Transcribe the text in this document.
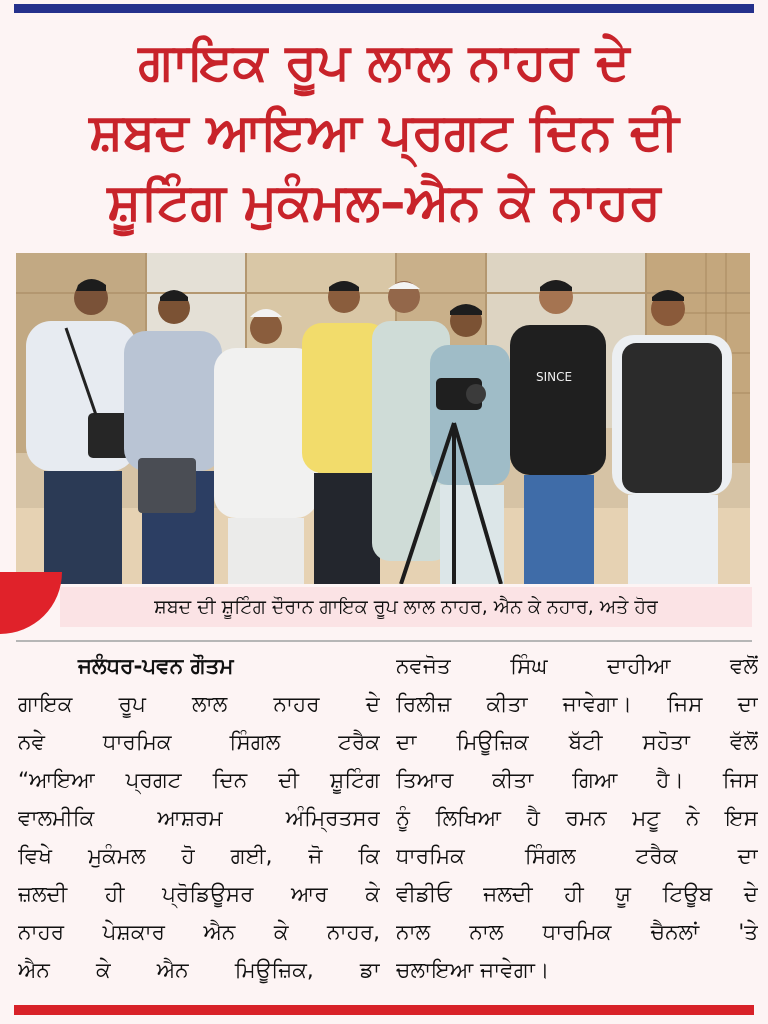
ਗਾਇਕ ਰੂਪ ਲਾਲ ਨਾਹਰ ਦੇ
ਸ਼ਬਦ ਆਇਆ ਪ੍ਰਗਟ ਦਿਨ ਦੀ
ਸ਼ੂਟਿੰਗ ਮੁਕੰਮਲ–ਐਨ ਕੇ ਨਾਹਰ
SINCE
ਸ਼ਬਦ ਦੀ ਸ਼ੂਟਿੰਗ ਦੌਰਾਨ ਗਾਇਕ ਰੂਪ ਲਾਲ ਨਾਹਰ, ਐਨ ਕੇ ਨਹਾਰ, ਅਤੇ ਹੋਰ
ਜਲੰਧਰ-ਪਵਨ ਗੌਤਮ
ਗਾਇਕ ਰੂਪ ਲਾਲ ਨਾਹਰ ਦੇ
ਨਵੇ ਧਾਰਮਿਕ ਸਿੰਗਲ ਟਰੈਕ
“ਆਇਆ ਪ੍ਰਗਟ ਦਿਨ ਦੀ ਸ਼ੂਟਿੰਗ
ਵਾਲਮੀਕਿ ਆਸ਼ਰਮ ਅੰਮ੍ਰਿਤਸਰ
ਵਿਖੇ ਮੁਕੰਮਲ ਹੋ ਗਈ, ਜੋ ਕਿ
ਜ਼ਲਦੀ ਹੀ ਪ੍ਰੋਡਿਊਸਰ ਆਰ ਕੇ
ਨਾਹਰ ਪੇਸ਼ਕਾਰ ਐਨ ਕੇ ਨਾਹਰ,
ਐਨ ਕੇ ਐਨ ਮਿਊਜ਼ਿਕ, ਡਾ
ਨਵਜੋਤ ਸਿੰਘ ਦਾਹੀਆ ਵਲੋਂ
ਰਿਲੀਜ਼ ਕੀਤਾ ਜਾਵੇਗਾ। ਜਿਸ ਦਾ
ਦਾ ਮਿਊਜ਼ਿਕ ਬੱਟੀ ਸਹੋਤਾ ਵੱਲੋਂ
ਤਿਆਰ ਕੀਤਾ ਗਿਆ ਹੈ। ਜਿਸ
ਨੂੰ ਲਿਖਿਆ ਹੈ ਰਮਨ ਮਟੂ ਨੇ ਇਸ
ਧਾਰਮਿਕ ਸਿੰਗਲ ਟਰੈਕ ਦਾ
ਵੀਡੀਓ ਜਲਦੀ ਹੀ ਯੂ ਟਿਊਬ ਦੇ
ਨਾਲ ਨਾਲ ਧਾਰਮਿਕ ਚੈਨਲਾਂ 'ਤੇ
ਚਲਾਇਆ ਜਾਵੇਗਾ।
